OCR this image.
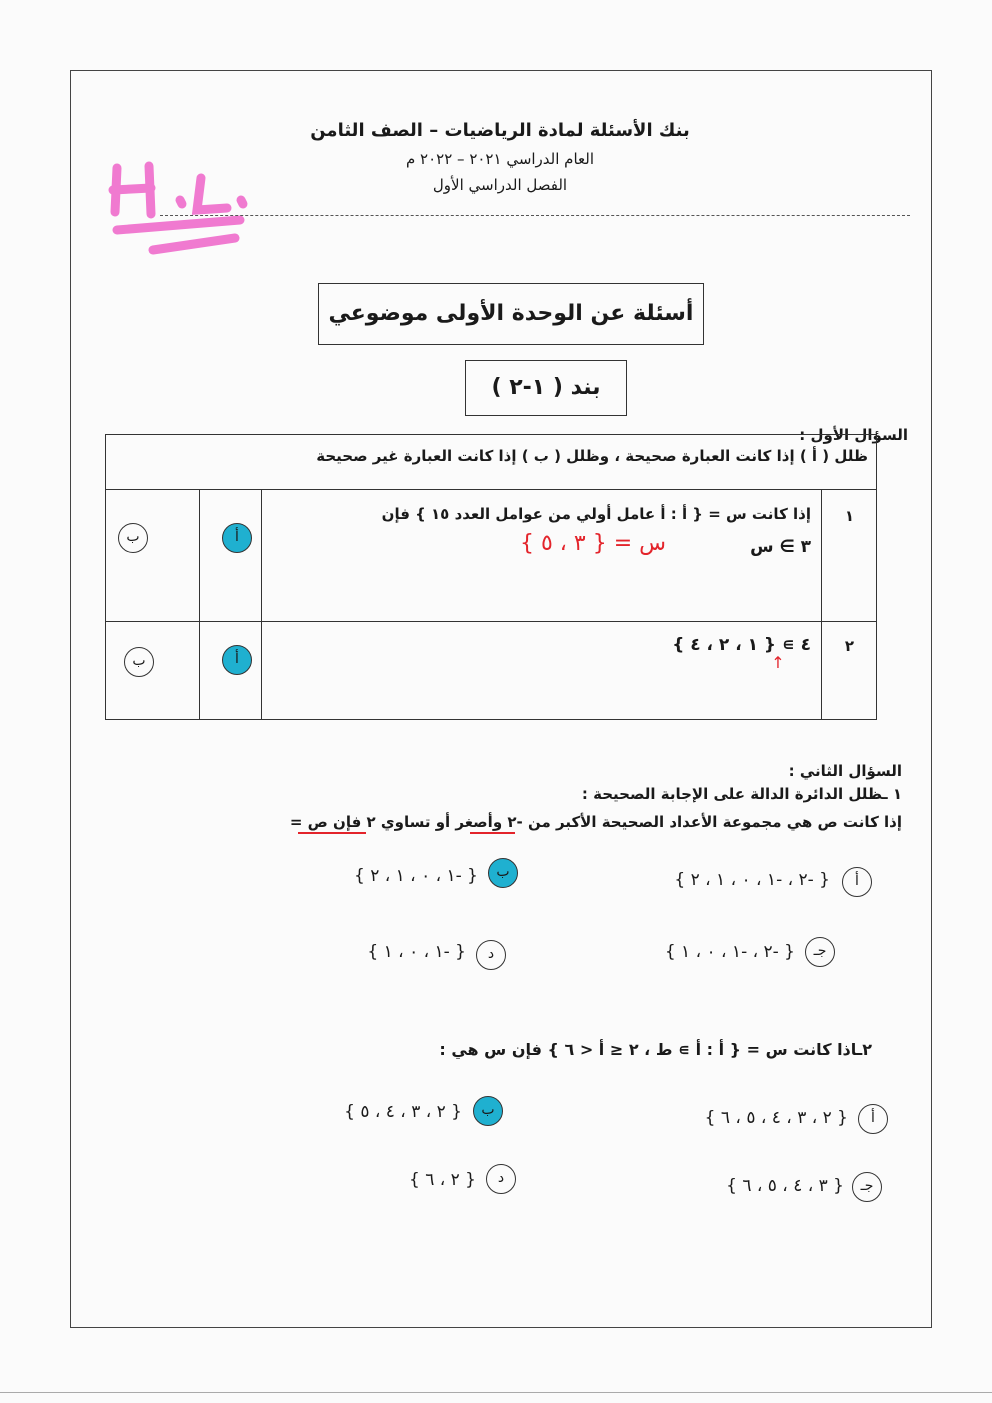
بنك الأسئلة لمادة الرياضيات – الصف الثامن
العام الدراسي ٢٠٢١ – ٢٠٢٢ م
الفصل الدراسي الأول
H.L.
أسئلة عن الوحدة الأولى موضوعي
بند ( ١-٢ )
السؤال الأول :
ظلل ( أ ) إذا كانت العبارة صحيحة ، وظلل ( ب ) إذا كانت العبارة غير صحيحة
١
إذا كانت س = { أ : أ عامل أولي من عوامل العدد ١٥ } فإن
٣ ∋ س
س = { ٣ ، ٥ }
أ
ب
٢
٤ ∍ { ١ ، ٢ ، ٤ }
↑
أ
ب
السؤال الثاني :
١ ـظلل الدائرة الدالة على الإجابة الصحيحة :
إذا كانت ص هي مجموعة الأعداد الصحيحة الأكبر من -٢ وأصغر أو تساوي ٢ فإن ص =
أ
{ -٢ ، -١ ، ٠ ، ١ ، ٢ }
ب
{ -١ ، ٠ ، ١ ، ٢ }
جـ
{ -٢ ، -١ ، ٠ ، ١ }
د
{ -١ ، ٠ ، ١ }
٢ـاذا كانت س = { أ : أ ∍ ط ، ٢ ≤ أ < ٦ } فإن س هي :
أ
{ ٢ ، ٣ ، ٤ ، ٥ ، ٦ }
ب
{ ٢ ، ٣ ، ٤ ، ٥ }
جـ
{ ٣ ، ٤ ، ٥ ، ٦ }
د
{ ٢ ، ٦ }
